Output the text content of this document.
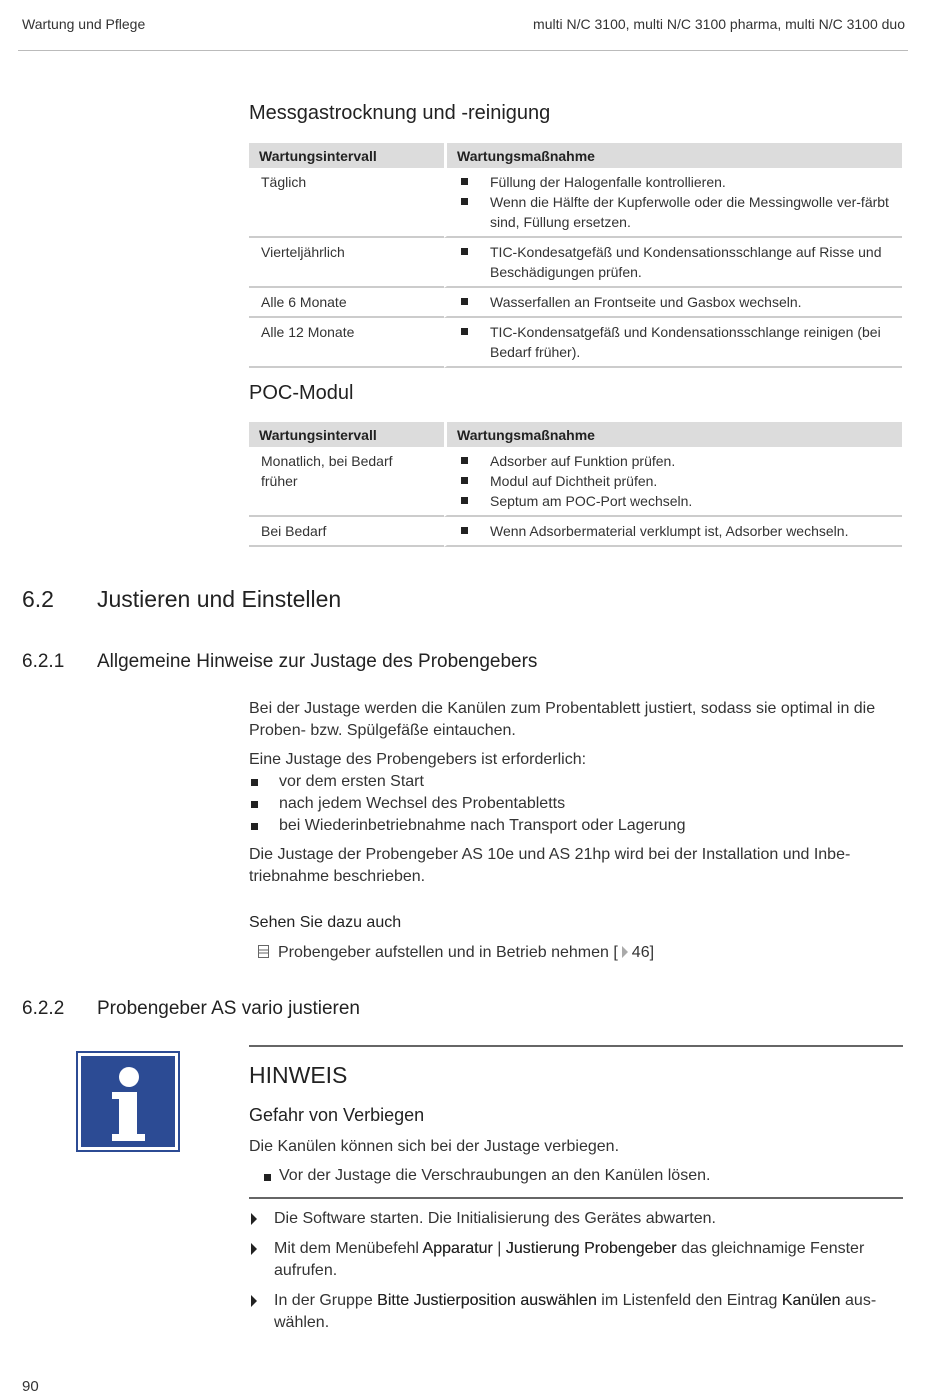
Wartung und Pflege	multi N/C 3100, multi N/C 3100 pharma, multi N/C 3100 duo
Messgastrocknung und -reinigung
Wartungsintervall	Wartungsmaßnahme
Täglich	Füllung der Halogenfalle kontrollieren.
Wenn die Hälfte der Kupferwolle oder die Messingwolle ver-färbt sind, Füllung ersetzen.

Vierteljährlich	TIC-Kondesatgefäß und Kondensationsschlange auf Risse und Beschädigungen prüfen.

Alle 6 Monate	Wasserfallen an Frontseite und Gasbox wechseln.

Alle 12 Monate	TIC-Kondensatgefäß und Kondensationsschlange reinigen (bei Bedarf früher).
POC-Modul
Wartungsintervall	Wartungsmaßnahme
Monatlich, bei Bedarf früher	Adsorber auf Funktion prüfen.
Modul auf Dichtheit prüfen.
Septum am POC-Port wechseln.

Bei Bedarf	Wenn Adsorbermaterial verklumpt ist, Adsorber wechseln.
6.2 Justieren und Einstellen
6.2.1 Allgemeine Hinweise zur Justage des Probengebers

Bei der Justage werden die Kanülen zum Probentablett justiert, sodass sie optimal in die Proben- bzw. Spülgefäße eintauchen.

Eine Justage des Probengebers ist erforderlich:

vor dem ersten Start
nach jedem Wechsel des Probentabletts
bei Wiederinbetriebnahme nach Transport oder Lagerung

Die Justage der Probengeber AS 10e und AS 21hp wird bei der Installation und Inbe-triebnahme beschrieben.

Sehen Sie dazu auch
Probengeber aufstellen und in Betrieb nehmen [ 46]
6.2.2 Probengeber AS vario justieren
HINWEIS
Gefahr von Verbiegen
Die Kanülen können sich bei der Justage verbiegen.
Vor der Justage die Verschraubungen an den Kanülen lösen.
Die Software starten. Die Initialisierung des Gerätes abwarten.
Mit dem Menübefehl Apparatur | Justierung Probengeber das gleichnamige Fenster aufrufen.
In der Gruppe Bitte Justierposition auswählen im Listenfeld den Eintrag Kanülen aus-wählen.
90
